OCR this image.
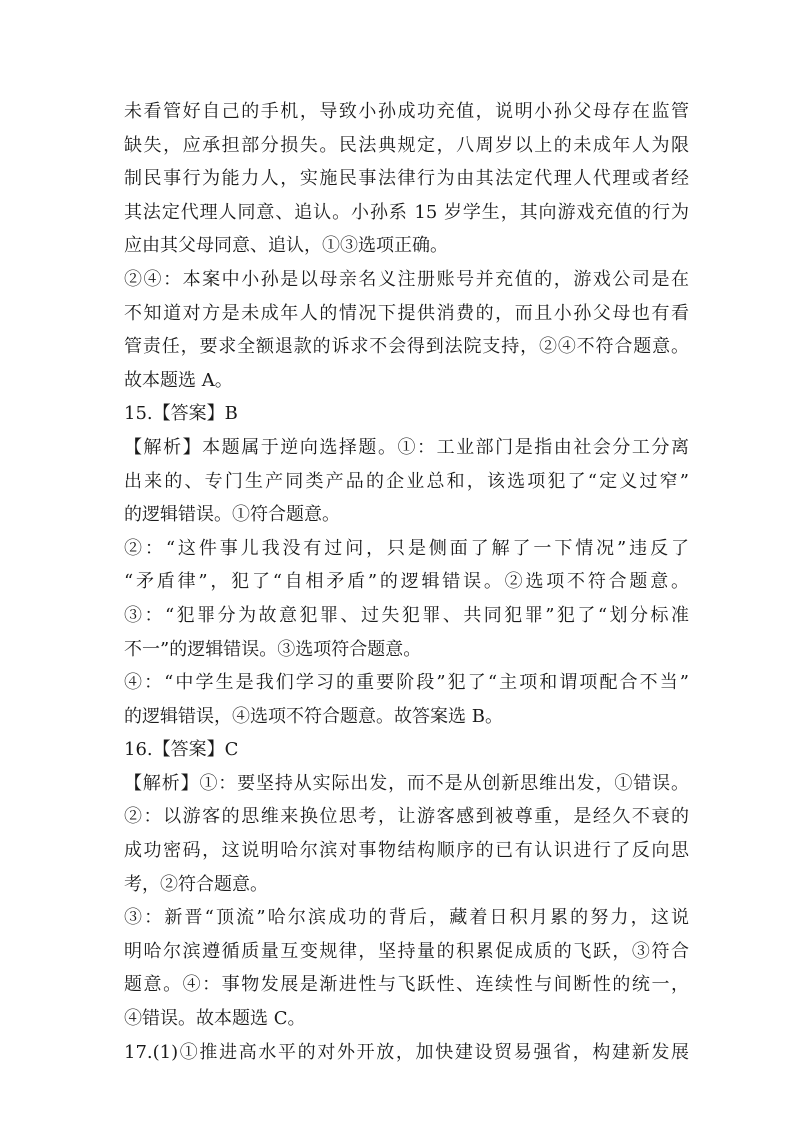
未看管好自己的手机，导致小孙成功充值，说明小孙父母存在监管
缺失，应承担部分损失。民法典规定，八周岁以上的未成年人为限
制民事行为能力人，实施民事法律行为由其法定代理人代理或者经
其法定代理人同意、追认。小孙系 15 岁学生，其向游戏充值的行为
应由其父母同意、追认，①③选项正确。
②④：本案中小孙是以母亲名义注册账号并充值的，游戏公司是在
不知道对方是未成年人的情况下提供消费的，而且小孙父母也有看
管责任，要求全额退款的诉求不会得到法院支持，②④不符合题意。
故本题选 A。
15.【答案】B
【解析】本题属于逆向选择题。①：工业部门是指由社会分工分离
出来的、专门生产同类产品的企业总和，该选项犯了“定义过窄”
的逻辑错误。①符合题意。
②：“这件事儿我没有过问，只是侧面了解了一下情况”违反了
“矛盾律”，犯了“自相矛盾”的逻辑错误。②选项不符合题意。
③：“犯罪分为故意犯罪、过失犯罪、共同犯罪”犯了“划分标准
不一”的逻辑错误。③选项符合题意。
④：“中学生是我们学习的重要阶段”犯了“主项和谓项配合不当”
的逻辑错误，④选项不符合题意。故答案选 B。
16.【答案】C
【解析】①：要坚持从实际出发，而不是从创新思维出发，①错误。
②：以游客的思维来换位思考，让游客感到被尊重，是经久不衰的
成功密码，这说明哈尔滨对事物结构顺序的已有认识进行了反向思
考，②符合题意。
③：新晋“顶流”哈尔滨成功的背后，藏着日积月累的努力，这说
明哈尔滨遵循质量互变规律，坚持量的积累促成质的飞跃，③符合
题意。④：事物发展是渐进性与飞跃性、连续性与间断性的统一，
④错误。故本题选 C。
17.(1)①推进高水平的对外开放，加快建设贸易强省，构建新发展
